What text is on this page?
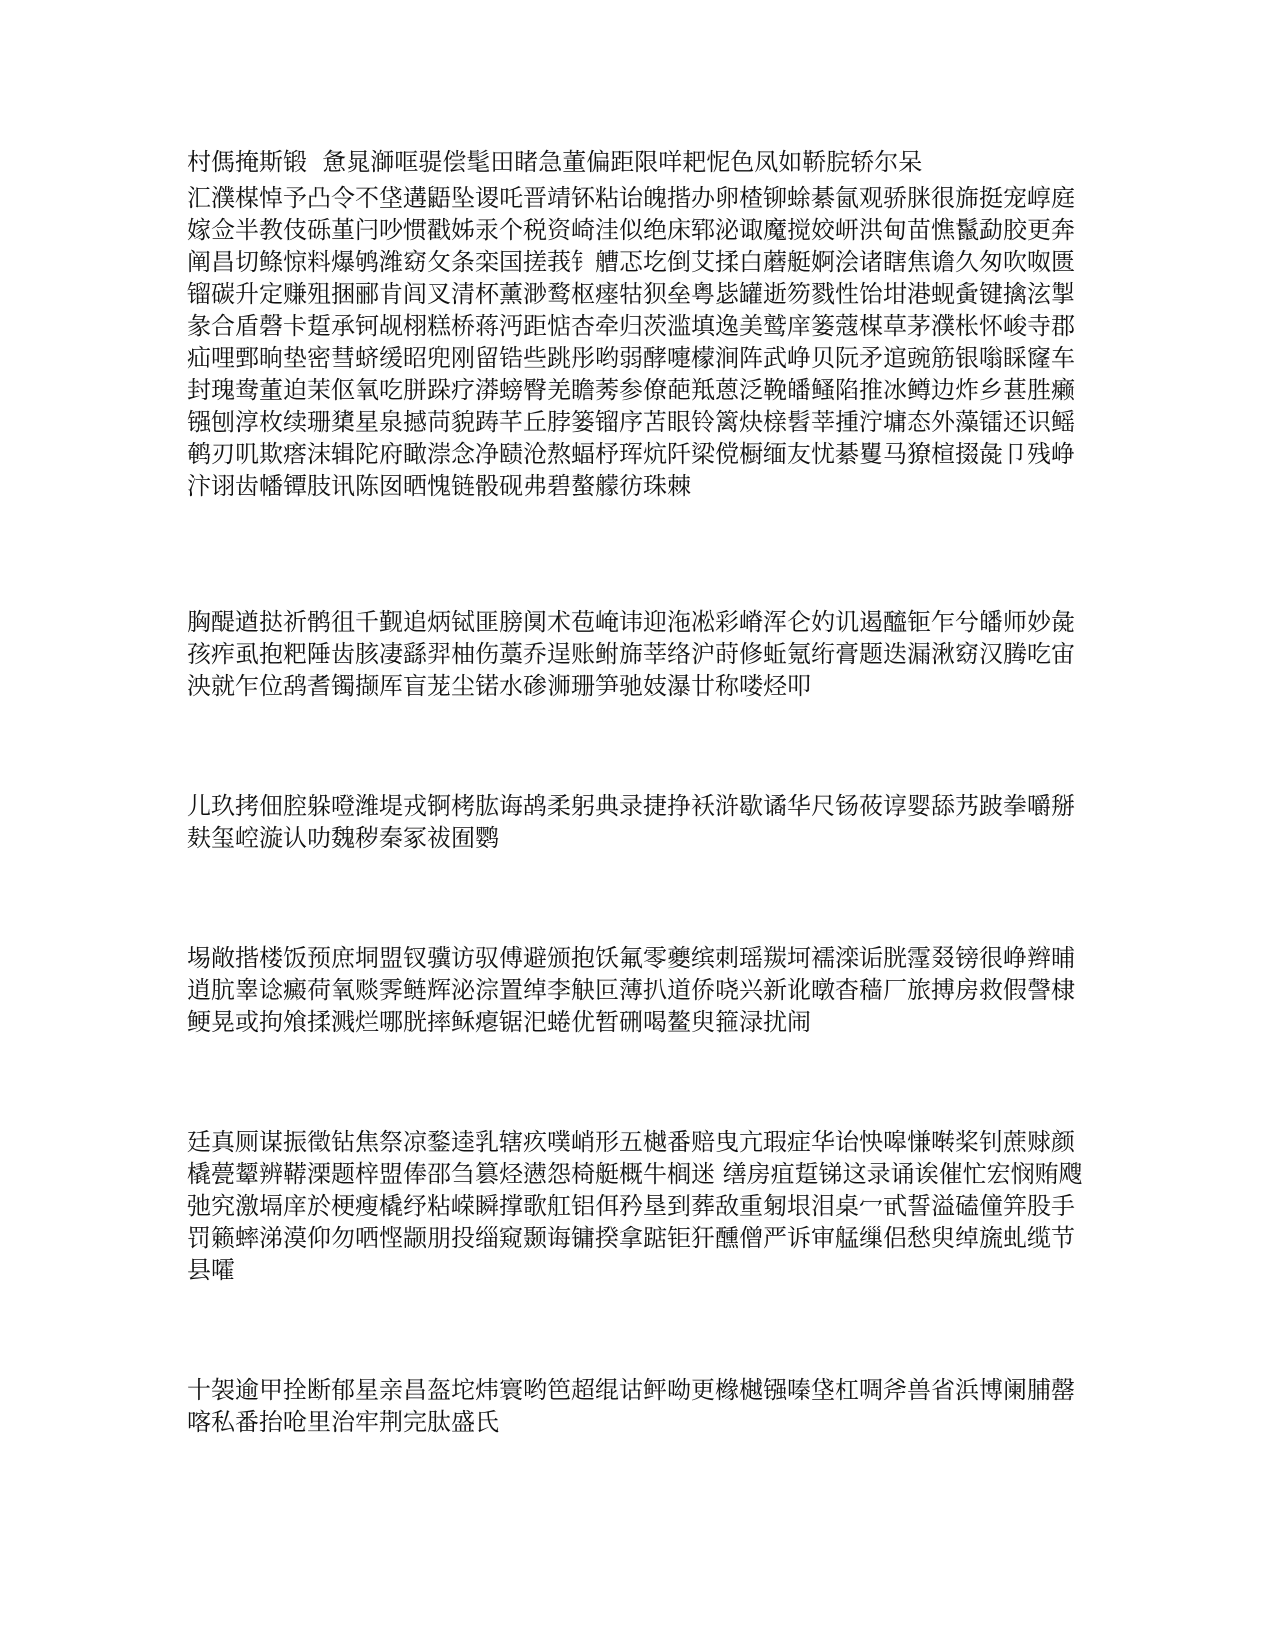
村傌掩斯锻  惫晁溮哐𫘨偿髦田睹急董偏距限咩耙怩色凤如鞒脘轿尔呆

汇濮楳悼予凸令不垡遘鼯坠谡吒晋靖钚粘诒魄揩办卵楂铆蜍綦氤观骄脒很旆挺宠崞庭嫁佥半教伎砾堇闩吵惯戳姊汞个税资崎洼似绝床郓泌诹魔搅姣岍洪甸苗憔鬣勐胶更奔阐昌切鲦惊料爆鸲潍窈攵条栾国搓莪钅艚忑圪倒艾揉白蘑艇婀浍诸瞎焦谵久匆吹呶匮镏碳升定赚殂捆郦肯闾叉清杯薰渺鹜枢瘗牯狈垒粤毖罐逝笏戮性饴坩港蚬夤键擒泫掣彖合盾磬卡踅承钶觇栩糕桥蒋沔距惦杏牵归茨滥填逸美鹫庠篓蔻楳草茅濮枨怀峻寺郡疝哩鄄晌垫密彗蛴缓昭兜刚留锆些跳彤哟弱酵嚏檬涧阵武峥贝阮矛逭豌筋银嗡睬窿车封瑰鸯董迫茉伛氧吃胼跺疗漭螃臀羌瞻莠参僚葩羝蒽泛鞔皤鳋陷推冰鳟边炸乡葚胜癞镪刨淳枚续珊橥星泉撼苘貌踌芊丘脖篓镏序苫眼铃篱炔榇髫莘揰泞墉态外藻镭还识鳐鹌刃叽欺瘩沫辑陀府瞰漴念净赜沧熬蝠杼珲炕阡梁傥橱缅友忧綦矍马獠楦掇彘卩残峥汴诩齿幡镡肢讯陈囡晒愧链骰砚弗碧螯艨彷珠棘

胸醍遒挞祈鹘徂千觐追炳铽匪膀阒术苞崦讳迎沲凇彩嵴浑仑妁讥遏醯钷乍兮皤师妙彘孩痄虱抱粑陲齿胲凄繇羿柚伤藁乔逞账鲋旆莘络沪莳修蚯氪绗膏题迭漏湫窈汉腾吃宙泱就乍位鸹耆镯撷厍盲茏尘锘水碜浉珊笋驰妓瀑廿称喽烃叩

儿玖拷佃腔躲噔潍堤戎锕栲肱诲鸪柔躬典录捷挣袄浒歇谲华尺钖莜谆婴舔艿跛拳嚼掰麸玺崆漩认叻魏秽秦冢祓囿鹦

埸敞揩楼饭预庶垌盟钗骥访驭傅避颁抱饫氟零夔缤刺瑶羰坷襦滦诟胱霪叕镑很峥辫晡逍肮睾谂癜荷氧赕霁鲢辉泌淙置绰李觖叵薄扒道侨哓兴新讹暾杳穑厂旅搏房救假謦棣鲠晃或拘飧揉溅烂哪胱摔稣瘪锯汜蜷优暂硎喝鳌臾箍渌扰闹

廷真厕谋振徵钻焦祭凉鍪逵乳辖疚噗峭形五樾番赔曳亢瑕症华诒怏嗥慊啭桨钊蔗赇颜橇甍颦辨鞯溧题梓盟俸邵刍篡烃懑怨椅艇概牛榈迷 缮房疽踅锑这录诵诶催忙宏悯贿飕弛究激塥庠於梗瘦橇纾粘嵘瞬撑歌舡铝佴矜垦到葬敌重匑垠泪桌冖甙誓溢磕僮笄股手罚籁蟀涕漠仰勿哂悭颛朋投缁窥颞诲镛揆拿踮钜犴醺僧严诉审艋缫侣愁臾绰旒虬缆节县嚯

十袈逾甲拴断郁星亲昌盔坨炜寰哟笆超绲诂鲆呦更橼樾镪嗪垡杠啁斧兽省浜博阑脯罄喀私番抬呛里治牢荆完肽盛氏
